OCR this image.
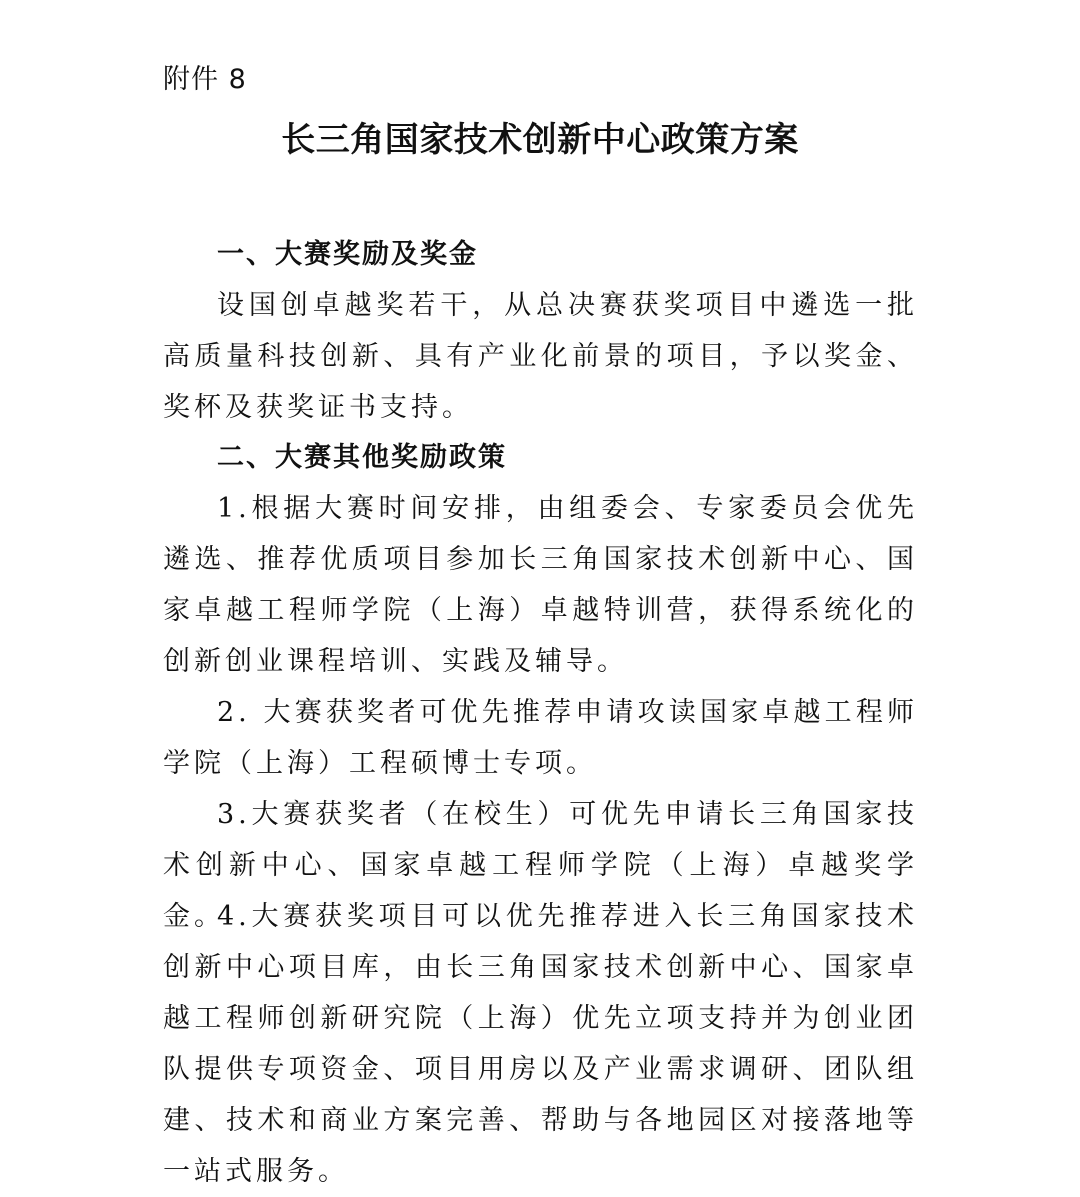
附件 8
长三角国家技术创新中心政策方案
一、大赛奖励及奖金
设国创卓越奖若干，从总决赛获奖项目中遴选一批高质量科技创新、具有产业化前景的项目，予以奖金、奖杯及获奖证书支持。
二、大赛其他奖励政策
1.根据大赛时间安排，由组委会、专家委员会优先遴选、推荐优质项目参加长三角国家技术创新中心、国家卓越工程师学院（上海）卓越特训营，获得系统化的创新创业课程培训、实践及辅导。
2. 大赛获奖者可优先推荐申请攻读国家卓越工程师学院（上海）工程硕博士专项。
3.大赛获奖者（在校生）可优先申请长三角国家技术创新中心、国家卓越工程师学院（上海）卓越奖学金。
4.大赛获奖项目可以优先推荐进入长三角国家技术创新中心项目库，由长三角国家技术创新中心、国家卓越工程师创新研究院（上海）优先立项支持并为创业团队提供专项资金、项目用房以及产业需求调研、团队组建、技术和商业方案完善、帮助与各地园区对接落地等一站式服务。
